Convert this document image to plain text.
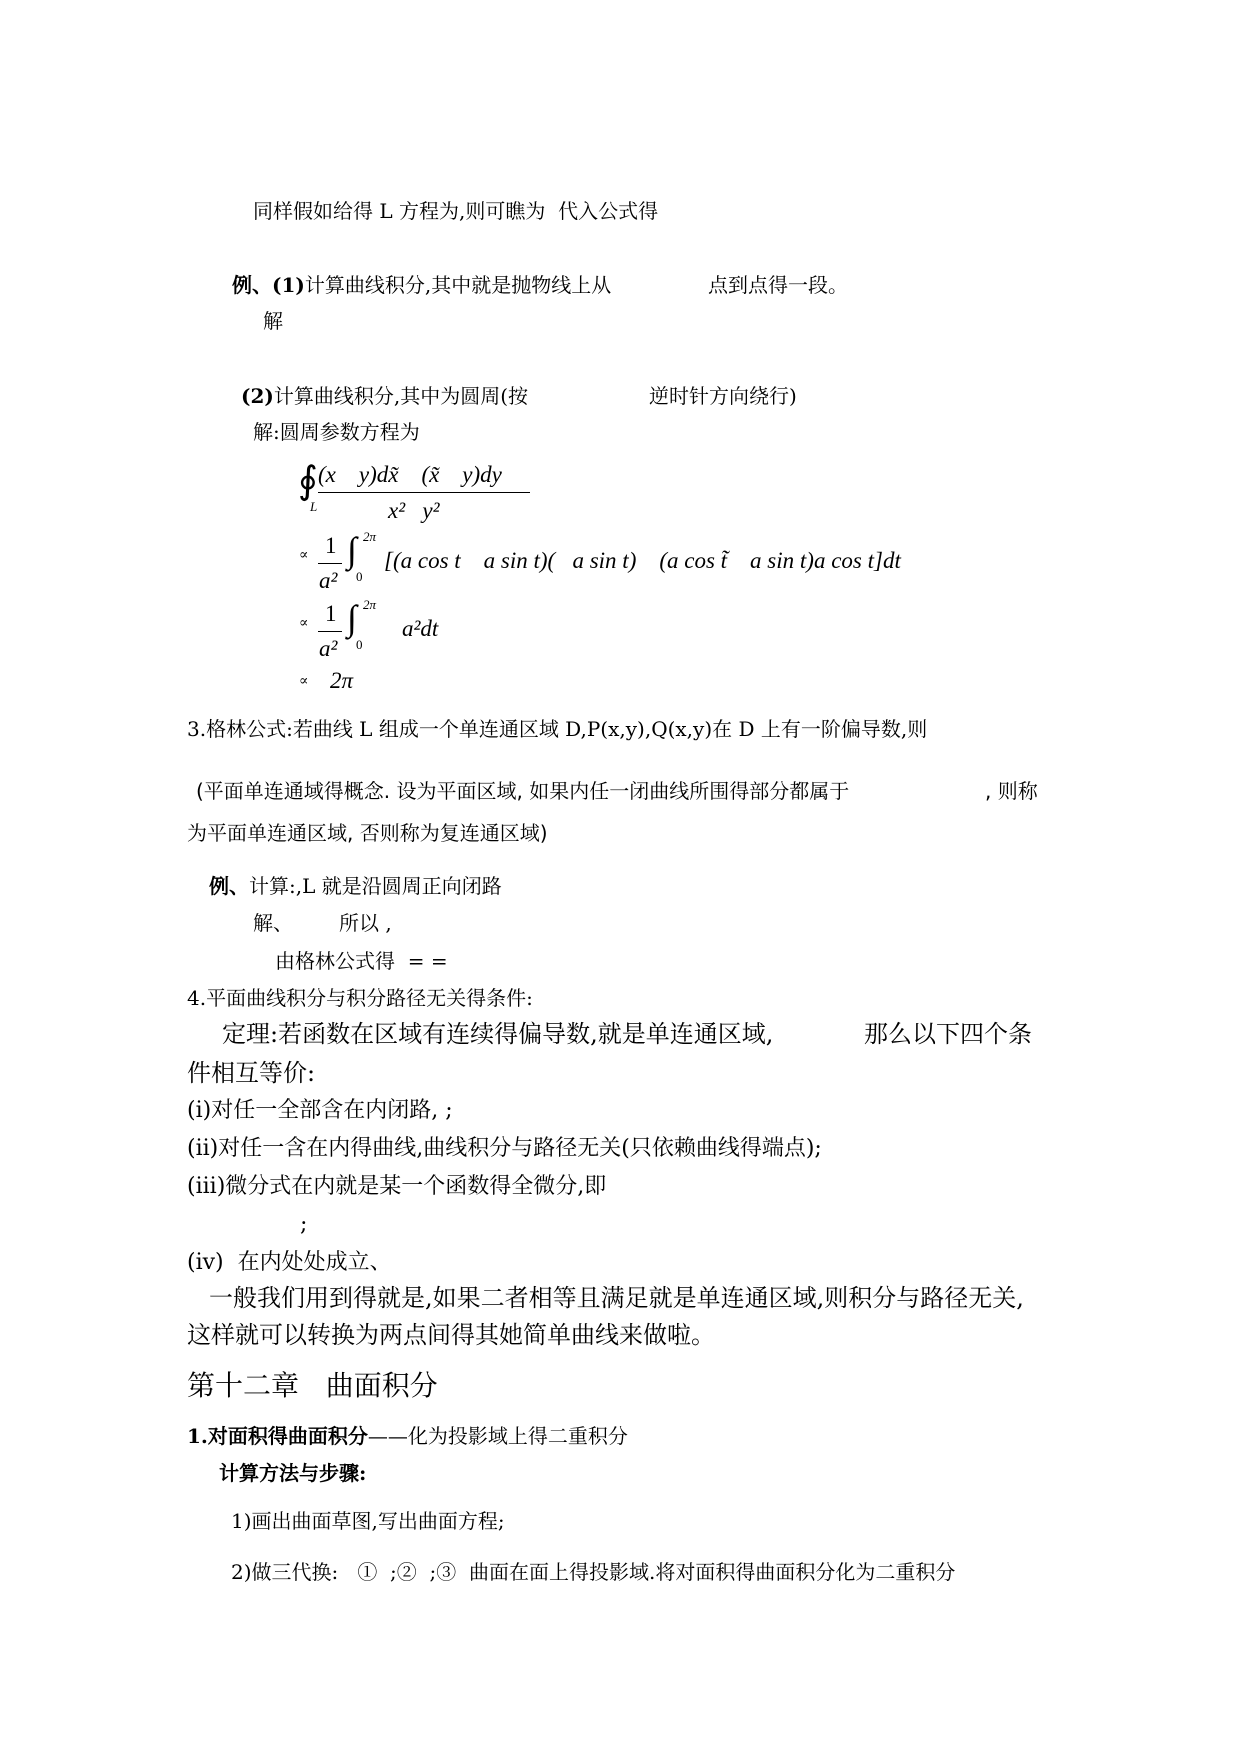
同样假如给得 L 方程为,则可瞧为  代入公式得
例、(1)计算曲线积分,其中就是抛物线上从	点到点得一段。
解
(2)计算曲线积分,其中为圆周(按	逆时针方向绕行)
解:圆周参数方程为
∮
L
(x    y)dx̃    (x̃    y)dy
x²   y²
∝ 1
a²
∫ 2π
0
[(a cos t    a sin t)(   a sin t)    (a cos t̃    a sin t)a cos t]dt
∝ 1
a²
∫ 2π
0
a²dt
∝ 2π
3.格林公式:若曲线 L 组成一个单连通区域 D,P(x,y),Q(x,y)在 D 上有一阶偏导数,则
(平面单连通域得概念. 设为平面区域, 如果内任一闭曲线所围得部分都属于	, 则称
为平面单连通区域, 否则称为复连通区域)
例、计算:,L 就是沿圆周正向闭路
解、 所以 ,
由格林公式得  = =
4.平面曲线积分与积分路径无关得条件:
定理:若函数在区域有连续得偏导数,就是单连通区域,	那么以下四个条
件相互等价:
(ⅰ)对任一全部含在内闭路, ;
(ⅱ)对任一含在内得曲线,曲线积分与路径无关(只依赖曲线得端点);
(iii)微分式在内就是某一个函数得全微分,即
;
(iv)  在内处处成立、
一般我们用到得就是,如果二者相等且满足就是单连通区域,则积分与路径无关,
这样就可以转换为两点间得其她简单曲线来做啦。
第十二章   曲面积分
1.对面积得曲面积分——化为投影域上得二重积分
计算方法与步骤:
1)画出曲面草图,写出曲面方程;
2)做三代换:   ①  ;②  ;③  曲面在面上得投影域.将对面积得曲面积分化为二重积分
